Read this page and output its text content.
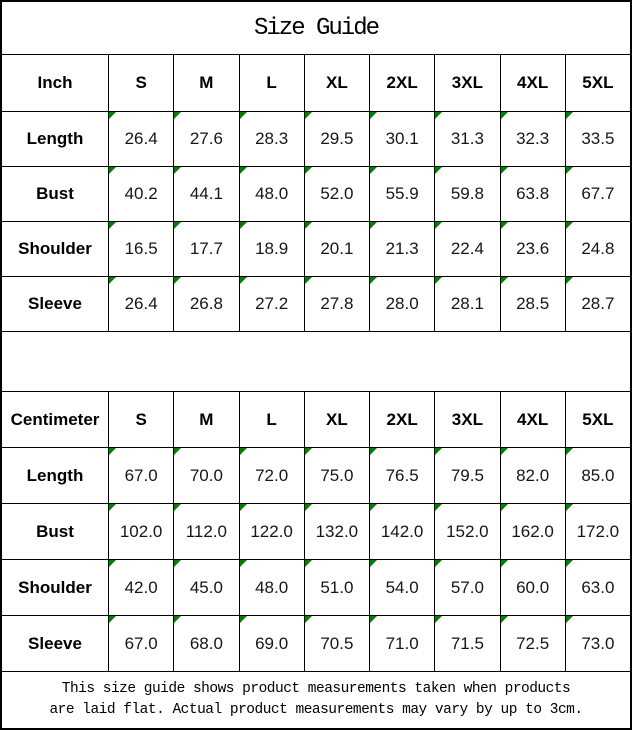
Size Guide
Inch	S	M	L	XL	2XL	3XL	4XL	5XL
Length	26.4 27.6 28.3 29.5 30.1 31.3 32.3 33.5
Bust	40.2 44.1 48.0 52.0 55.9 59.8 63.8 67.7
Shoulder	16.5 17.7 18.9 20.1 21.3 22.4 23.6 24.8
Sleeve	26.4 26.8 27.2 27.8 28.0 28.1 28.5 28.7
Centimeter	S	M	L	XL	2XL	3XL	4XL	5XL
Length	67.0 70.0 72.0 75.0 76.5 79.5 82.0 85.0
Bust	102.0 112.0 122.0 132.0 142.0 152.0 162.0 172.0
Shoulder	42.0 45.0 48.0 51.0 54.0 57.0 60.0 63.0
Sleeve	67.0 68.0 69.0 70.5 71.0 71.5 72.5 73.0
This size guide shows product measurements taken when products
are laid flat. Actual product measurements may vary by up to 3cm.
